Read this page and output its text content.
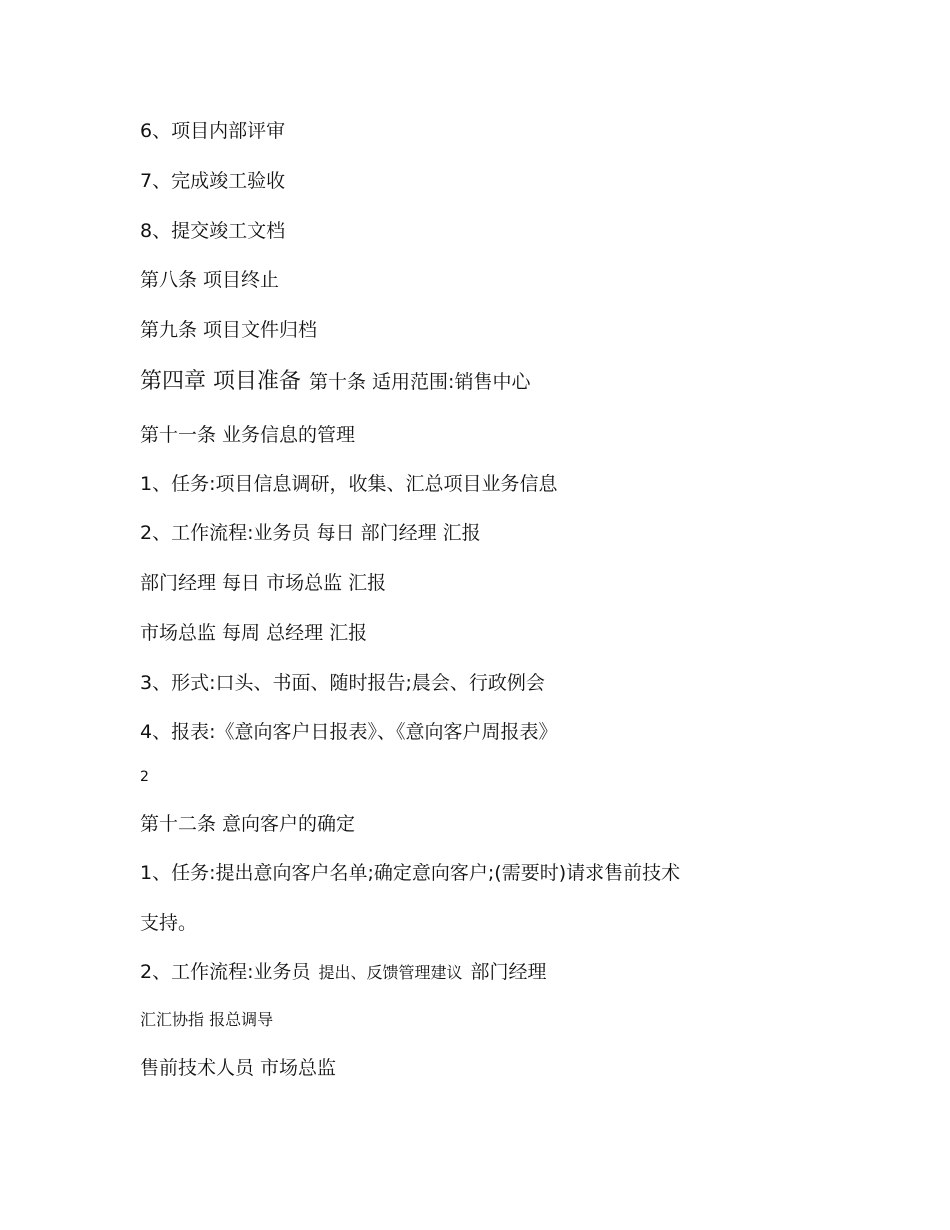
6、项目内部评审
7、完成竣工验收
8、提交竣工文档
第八条 项目终止
第九条 项目文件归档
第四章 项目准备 第十条 适用范围:销售中心
第十一条 业务信息的管理
1、任务:项目信息调研，收集、汇总项目业务信息
2、工作流程:业务员 每日 部门经理 汇报
部门经理 每日 市场总监 汇报
市场总监 每周 总经理 汇报
3、形式:口头、书面、随时报告;晨会、行政例会
4、报表:《意向客户日报表》、《意向客户周报表》
2
第十二条 意向客户的确定
1、任务:提出意向客户名单;确定意向客户;(需要时)请求售前技术
支持。
2、工作流程:业务员 提出、反馈管理建议 部门经理
汇汇协指 报总调导
售前技术人员 市场总监
